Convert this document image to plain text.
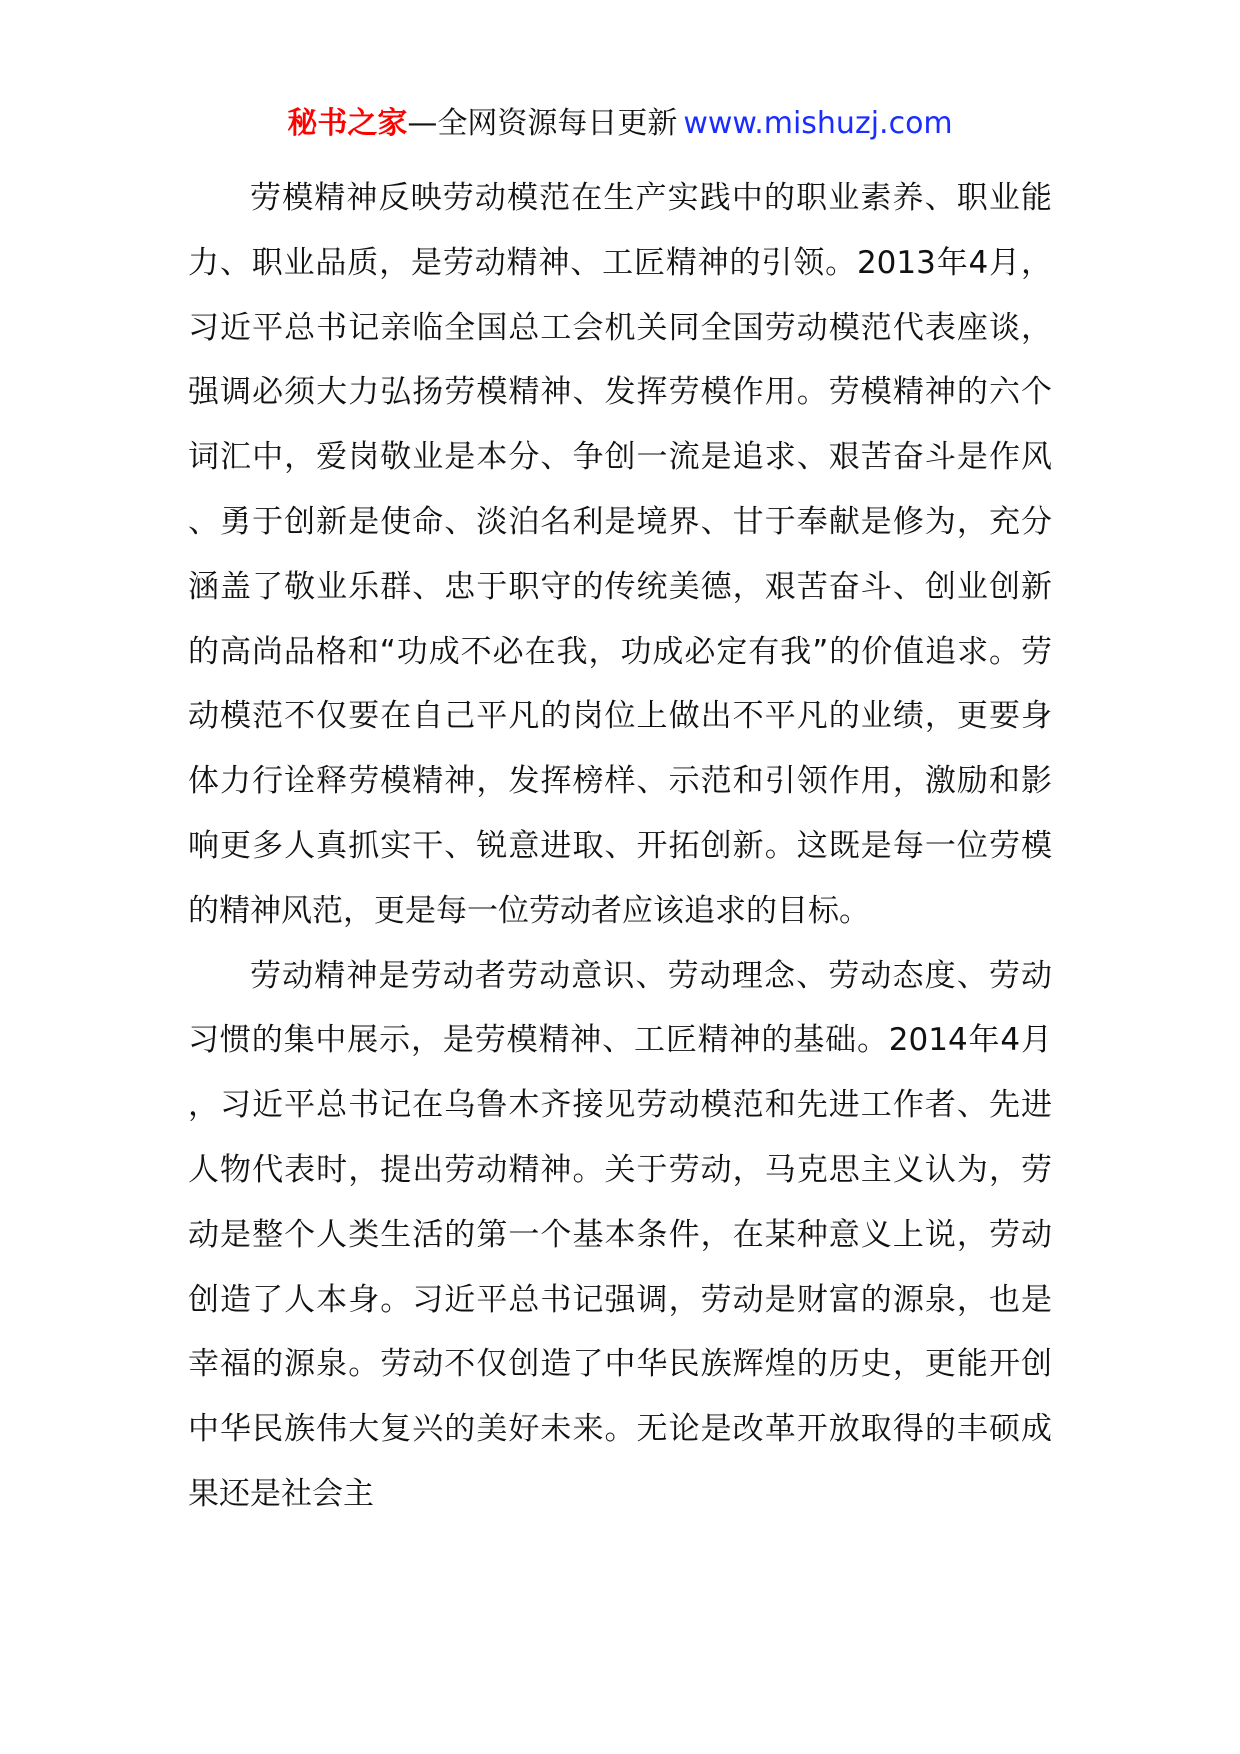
秘书之家—全网资源每日更新 www.mishuzj.com

劳模精神反映劳动模范在生产实践中的职业素养、职业能力、职业品质，是劳动精神、工匠精神的引领。2013年4月，习近平总书记亲临全国总工会机关同全国劳动模范代表座谈，强调必须大力弘扬劳模精神、发挥劳模作用。劳模精神的六个词汇中，爱岗敬业是本分、争创一流是追求、艰苦奋斗是作风、勇于创新是使命、淡泊名利是境界、甘于奉献是修为，充分涵盖了敬业乐群、忠于职守的传统美德，艰苦奋斗、创业创新的高尚品格和“功成不必在我，功成必定有我”的价值追求。劳动模范不仅要在自己平凡的岗位上做出不平凡的业绩，更要身体力行诠释劳模精神，发挥榜样、示范和引领作用，激励和影响更多人真抓实干、锐意进取、开拓创新。这既是每一位劳模的精神风范，更是每一位劳动者应该追求的目标。

劳动精神是劳动者劳动意识、劳动理念、劳动态度、劳动习惯的集中展示，是劳模精神、工匠精神的基础。2014年4月，习近平总书记在乌鲁木齐接见劳动模范和先进工作者、先进人物代表时，提出劳动精神。关于劳动，马克思主义认为，劳动是整个人类生活的第一个基本条件，在某种意义上说，劳动创造了人本身。习近平总书记强调，劳动是财富的源泉，也是幸福的源泉。劳动不仅创造了中华民族辉煌的历史，更能开创中华民族伟大复兴的美好未来。无论是改革开放取得的丰硕成果还是社会主
